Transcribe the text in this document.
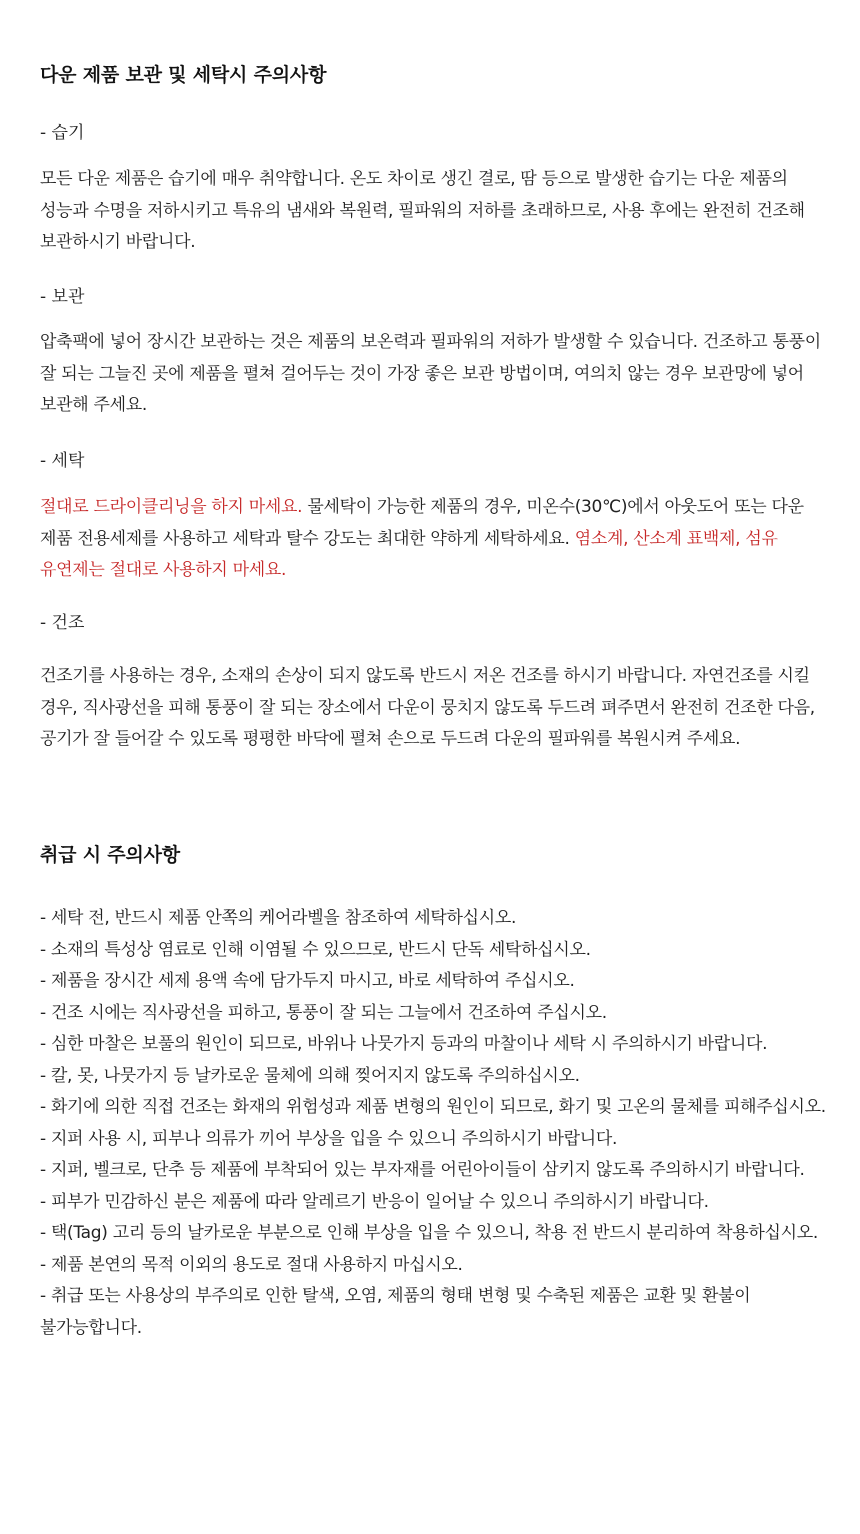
다운 제품 보관 및 세탁시 주의사항

- 습기

모든 다운 제품은 습기에 매우 취약합니다. 온도 차이로 생긴 결로, 땀 등으로 발생한 습기는 다운 제품의 성능과 수명을 저하시키고 특유의 냄새와 복원력, 필파워의 저하를 초래하므로, 사용 후에는 완전히 건조해 보관하시기 바랍니다.

- 보관

압축팩에 넣어 장시간 보관하는 것은 제품의 보온력과 필파워의 저하가 발생할 수 있습니다. 건조하고 통풍이 잘 되는 그늘진 곳에 제품을 펼쳐 걸어두는 것이 가장 좋은 보관 방법이며, 여의치 않는 경우 보관망에 넣어 보관해 주세요.

- 세탁

절대로 드라이클리닝을 하지 마세요. 물세탁이 가능한 제품의 경우, 미온수(30℃)에서 아웃도어 또는 다운 제품 전용세제를 사용하고 세탁과 탈수 강도는 최대한 약하게 세탁하세요. 염소계, 산소계 표백제, 섬유 유연제는 절대로 사용하지 마세요.

- 건조

건조기를 사용하는 경우, 소재의 손상이 되지 않도록 반드시 저온 건조를 하시기 바랍니다. 자연건조를 시킬 경우, 직사광선을 피해 통풍이 잘 되는 장소에서 다운이 뭉치지 않도록 두드려 펴주면서 완전히 건조한 다음, 공기가 잘 들어갈 수 있도록 평평한 바닥에 펼쳐 손으로 두드려 다운의 필파워를 복원시켜 주세요.

취급 시 주의사항

- 세탁 전, 반드시 제품 안쪽의 케어라벨을 참조하여 세탁하십시오.

- 소재의 특성상 염료로 인해 이염될 수 있으므로, 반드시 단독 세탁하십시오.

- 제품을 장시간 세제 용액 속에 담가두지 마시고, 바로 세탁하여 주십시오.

- 건조 시에는 직사광선을 피하고, 통풍이 잘 되는 그늘에서 건조하여 주십시오.

- 심한 마찰은 보풀의 원인이 되므로, 바위나 나뭇가지 등과의 마찰이나 세탁 시 주의하시기 바랍니다.

- 칼, 못, 나뭇가지 등 날카로운 물체에 의해 찢어지지 않도록 주의하십시오.

- 화기에 의한 직접 건조는 화재의 위험성과 제품 변형의 원인이 되므로, 화기 및 고온의 물체를 피해주십시오.

- 지퍼 사용 시, 피부나 의류가 끼어 부상을 입을 수 있으니 주의하시기 바랍니다.

- 지퍼, 벨크로, 단추 등 제품에 부착되어 있는 부자재를 어린아이들이 삼키지 않도록 주의하시기 바랍니다.

- 피부가 민감하신 분은 제품에 따라 알레르기 반응이 일어날 수 있으니 주의하시기 바랍니다.

- 택(Tag) 고리 등의 날카로운 부분으로 인해 부상을 입을 수 있으니, 착용 전 반드시 분리하여 착용하십시오.

- 제품 본연의 목적 이외의 용도로 절대 사용하지 마십시오.

- 취급 또는 사용상의 부주의로 인한 탈색, 오염, 제품의 형태 변형 및 수축된 제품은 교환 및 환불이 불가능합니다.
